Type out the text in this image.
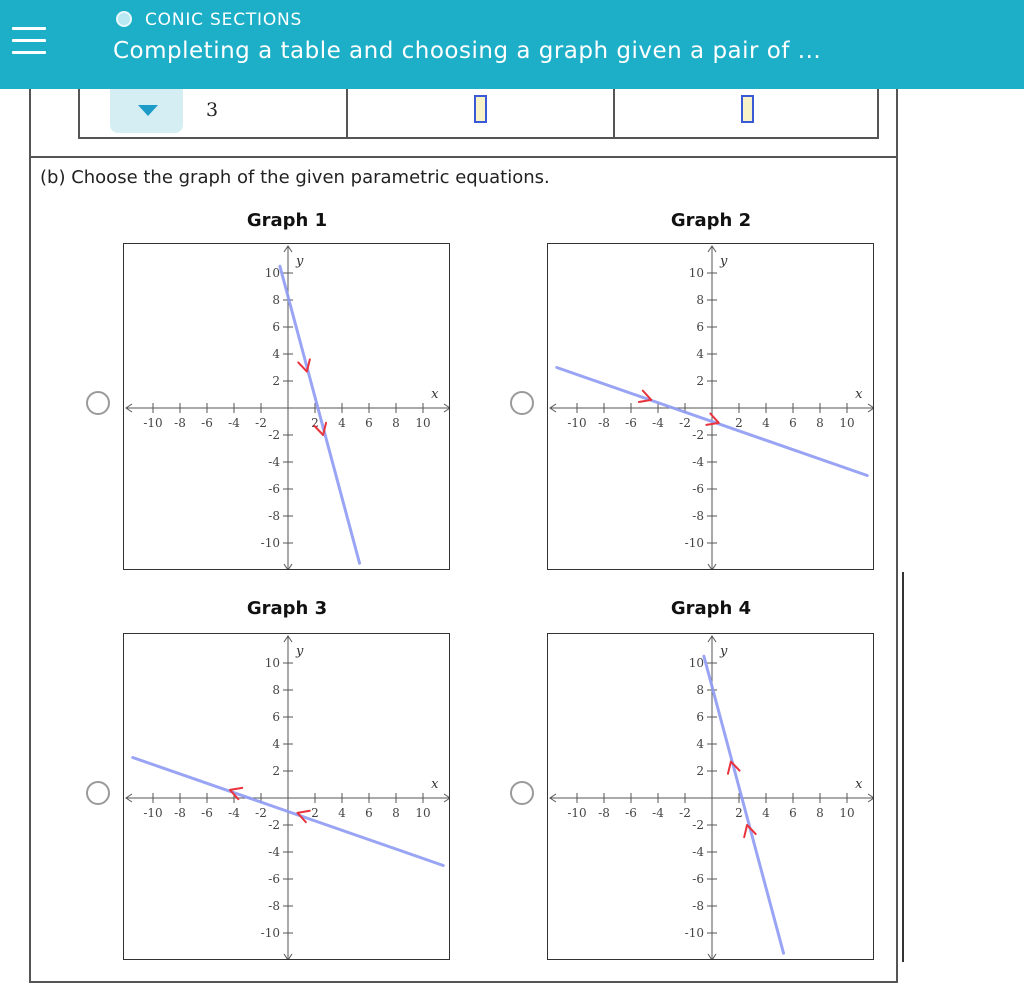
CONIC SECTIONS
Completing a table and choosing a graph given a pair of ...
3
(b) Choose the graph of the given parametric equations.
Graph 1	Graph 2
Graph 3	Graph 4
-10 -8 -6 -4 -2	2 4 6 8 10
10
8
6
4
2
-2
-4
-6
-8
-10
x
y
-10 -8 -6 -4 -2	2 4 6 8 10
10
8
6
4
2
-2
-4
-6
-8
-10
x
y
-10 -8 -6 -4 -2	2 4 6 8 10
10
8
6
4
2
-2
-4
-6
-8
-10
x
y
-10 -8 -6 -4 -2	2 4 6 8 10
10
8
6
4
2
-2
-4
-6
-8
-10
x
y
